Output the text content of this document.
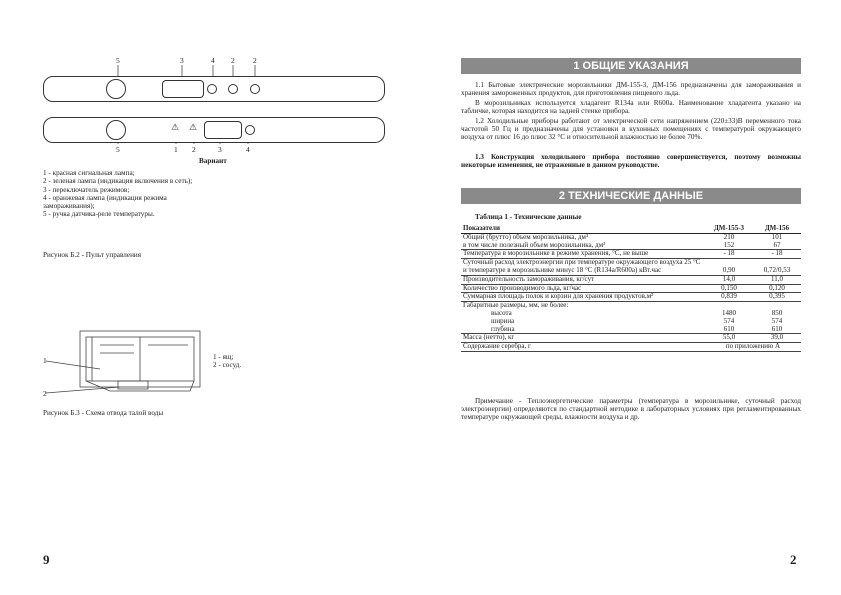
5	3	4 2 2
⚠ ⚠
5	1 2	3	4
Вариант
1 - красная сигнальная лампа;
2 - зеленая лампа (индикация включения в сеть);
3 - переключатель режимов;
4 - оранжевая лампа (индикация режима замораживания);
5 - ручка датчика-реле температуры.
Рисунок Б.2 - Пульт управления
1
2
1 - ящ;
2 - сосуд.
Рисунок Б.3 - Схема отвода талой воды
9
1 ОБЩИЕ УКАЗАНИЯ
1.1 Бытовые электрические морозильники ДМ-155-3, ДМ-156 предназначены для замораживания и хранения замороженных продуктов, для приготовления пищевого льда.
В морозильниках используется хладагент R134a или R600a. Наименование хладагента указано на табличке, которая находится на задней стенке прибора.
1.2 Холодильные приборы работают от электрической сети напряжением (220±33)В переменного тока частотой 50 Гц и предназначены для установки в кухонных помещениях с температурой окружающего воздуха от плюс 16 до плюс 32 °С и относительной влажностью не более 70%.
1.3 Конструкция холодильного прибора постоянно совершенствуется, поэтому возможны некоторые изменения, не отраженные в данном руководстве.
2 ТЕХНИЧЕСКИЕ ДАННЫЕ
Таблица 1 - Технические данные
Показатели	ДМ-155-3	ДМ-156
Общий (брутто) объем морозильника, дм³	210	101
в том числе полезный объем морозильника, дм³	152	67
Температура в морозильнике в режиме хранения, °С, не выше	- 18	- 18
Суточный расход электроэнергии при температуре окружающего воздуха 25 °С и температуре в морозильнике минус 18 °С (R134a/R600a) кВт.час	0,90	0,72/0,53
Производительность замораживания, кг/сут	14,0	11,0
Количество производимого льда, кг/час	0,150	0,120
Суммарная площадь полок и корзин для хранения продуктов,м²	0,839	0,395
Габаритные размеры, мм, не более:		
высота	1480	850
ширина	574	574
глубина	610	610
Масса (нетто), кг	55,0	39,0
Содержание серебра, г	по приложению А	
Примечание - Теплоэнергетические параметры (температура в морозильнике, суточный расход электроэнергии) определяются по стандартной методике в лабораторных условиях при регламентированных температуре окружающей среды, влажности воздуха и др.
2
